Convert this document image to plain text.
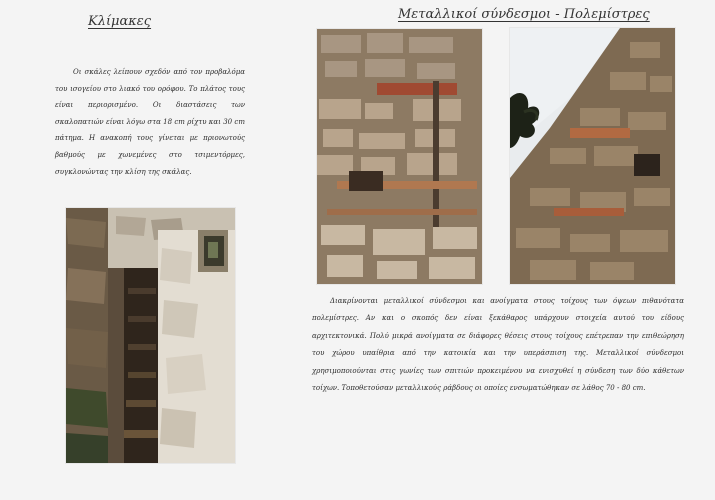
Κλίμακες

Οι σκάλες λείπουν σχεδόν από τον προβαλόμα του ισογείου στο λιακό του ορόφου. Το πλάτος τους είναι περιορισμένο. Οι διαστάσεις των σκαλοπατιών είναι λόγω στα 18 cm ρίχτυ και 30 cm πάτημα. Η ανακοπή τους γίνεται με πριονωτούς βαθμούς με χωνεμένες στο τσιμεντόρμες, συγκλονώντας την κλίση της σκάλας.

Μεταλλικοί σύνδεσμοι - Πολεμίστρες

Διακρίνονται μεταλλικοί σύνδεσμοι και ανοίγματα στους τοίχους των όψεων πιθανότατα πολεμίστρες. Αν και ο σκοπός δεν είναι ξεκάθαρος υπάρχουν στοιχεία αυτού του είδους αρχιτεκτονικά. Πολύ μικρά ανοίγματα σε διάφορες θέσεις στους τοίχους επέτρεπαν την επιθεώρηση του χώρου υπαίθρια από την κατοικία και την υπεράσπιση της. Μεταλλικοί σύνδεσμοι χρησιμοποιούνται στις γωνίες των σπιτιών προκειμένου να ενισχυθεί η σύνδεση των δύο κάθετων τοίχων. Τοποθετούσαν μεταλλικούς ράβδους οι οποίες ενσωματώθηκαν σε λάθος 70 - 80 cm.
